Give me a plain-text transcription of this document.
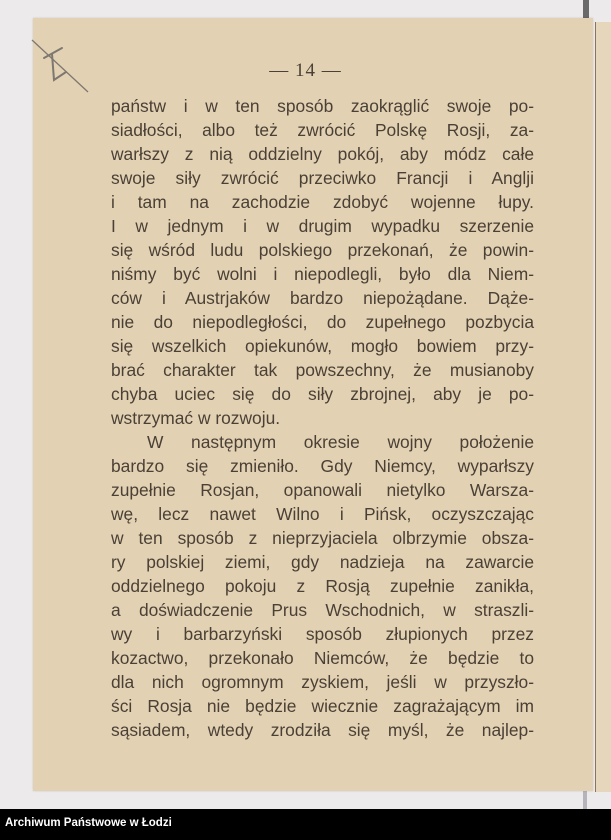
— 14 —
państw i w ten sposób zaokrąglić swoje po-
siadłości, albo też zwrócić Polskę Rosji, za-
warłszy z nią oddzielny pokój, aby módz całe
swoje siły zwrócić przeciwko Francji i Anglji
i tam na zachodzie zdobyć wojenne łupy.
I w jednym i w drugim wypadku szerzenie
się wśród ludu polskiego przekonań, że powin-
niśmy być wolni i niepodlegli, było dla Niem-
ców i Austrjaków bardzo niepożądane. Dąże-
nie do niepodległości, do zupełnego pozbycia
się wszelkich opiekunów, mogło bowiem przy-
brać charakter tak powszechny, że musianoby
chyba uciec się do siły zbrojnej, aby je po-
wstrzymać w rozwoju.
W następnym okresie wojny położenie
bardzo się zmieniło. Gdy Niemcy, wyparłszy
zupełnie Rosjan, opanowali nietylko Warsza-
wę, lecz nawet Wilno i Pińsk, oczyszczając
w ten sposób z nieprzyjaciela olbrzymie obsza-
ry polskiej ziemi, gdy nadzieja na zawarcie
oddzielnego pokoju z Rosją zupełnie zanikła,
a doświadczenie Prus Wschodnich, w straszli-
wy i barbarzyński sposób złupionych przez
kozactwo, przekonało Niemców, że będzie to
dla nich ogromnym zyskiem, jeśli w przyszło-
ści Rosja nie będzie wiecznie zagrażającym im
sąsiadem, wtedy zrodziła się myśl, że najlep-
Archiwum Państwowe w Łodzi
